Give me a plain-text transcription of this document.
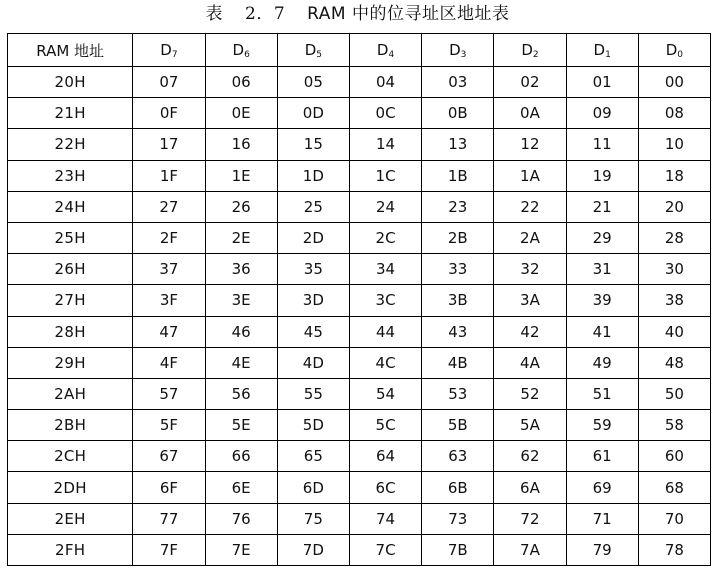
表 2．7 RAM 中的位寻址区地址表
RAM 地址	D7	D6	D5	D4	D3	D2	D1	D0
20H	07	06	05	04	03	02	01	00
21H	0F	0E	0D	0C	0B	0A	09	08
22H	17	16	15	14	13	12	11	10
23H	1F	1E	1D	1C	1B	1A	19	18
24H	27	26	25	24	23	22	21	20
25H	2F	2E	2D	2C	2B	2A	29	28
26H	37	36	35	34	33	32	31	30
27H	3F	3E	3D	3C	3B	3A	39	38
28H	47	46	45	44	43	42	41	40
29H	4F	4E	4D	4C	4B	4A	49	48
2AH	57	56	55	54	53	52	51	50
2BH	5F	5E	5D	5C	5B	5A	59	58
2CH	67	66	65	64	63	62	61	60
2DH	6F	6E	6D	6C	6B	6A	69	68
2EH	77	76	75	74	73	72	71	70
2FH	7F	7E	7D	7C	7B	7A	79	78
